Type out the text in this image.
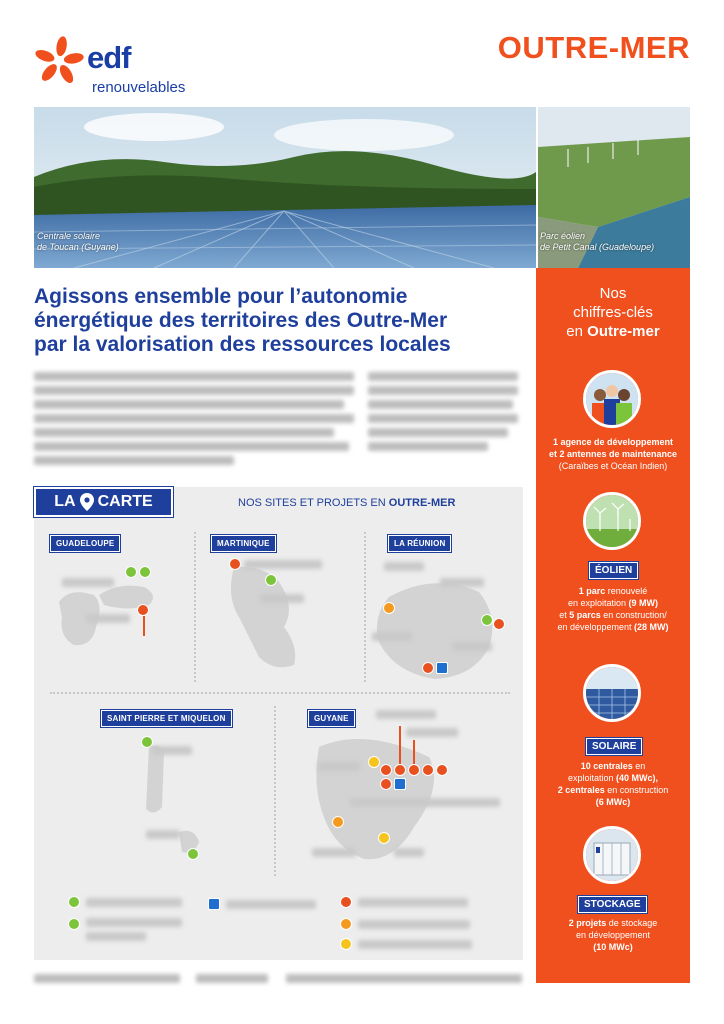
edf
renouvelables
OUTRE-MER
Centrale solaire
de Toucan (Guyane)
Parc éolien
de Petit Canal (Guadeloupe)
Agissons ensemble pour l’autonomie
énergétique des territoires des Outre-Mer
par la valorisation des ressources locales
LA CARTE	NOS SITES ET PROJETS EN OUTRE-MER
GUADELOUPE	MARTINIQUE	LA RÉUNION
SAINT PIERRE ET MIQUELON	GUYANE
Nos
chiffres-clés
en Outre-mer
1 agence de développement
et 2 antennes de maintenance
(Caraïbes et Océan Indien)
ÉOLIEN
1 parc renouvelé
en exploitation (9 MW)
et 5 parcs en construction/
en développement (28 MW)
SOLAIRE
10 centrales en
exploitation (40 MWc),
2 centrales en construction
(6 MWc)
STOCKAGE
2 projets de stockage
en développement
(10 MWc)
